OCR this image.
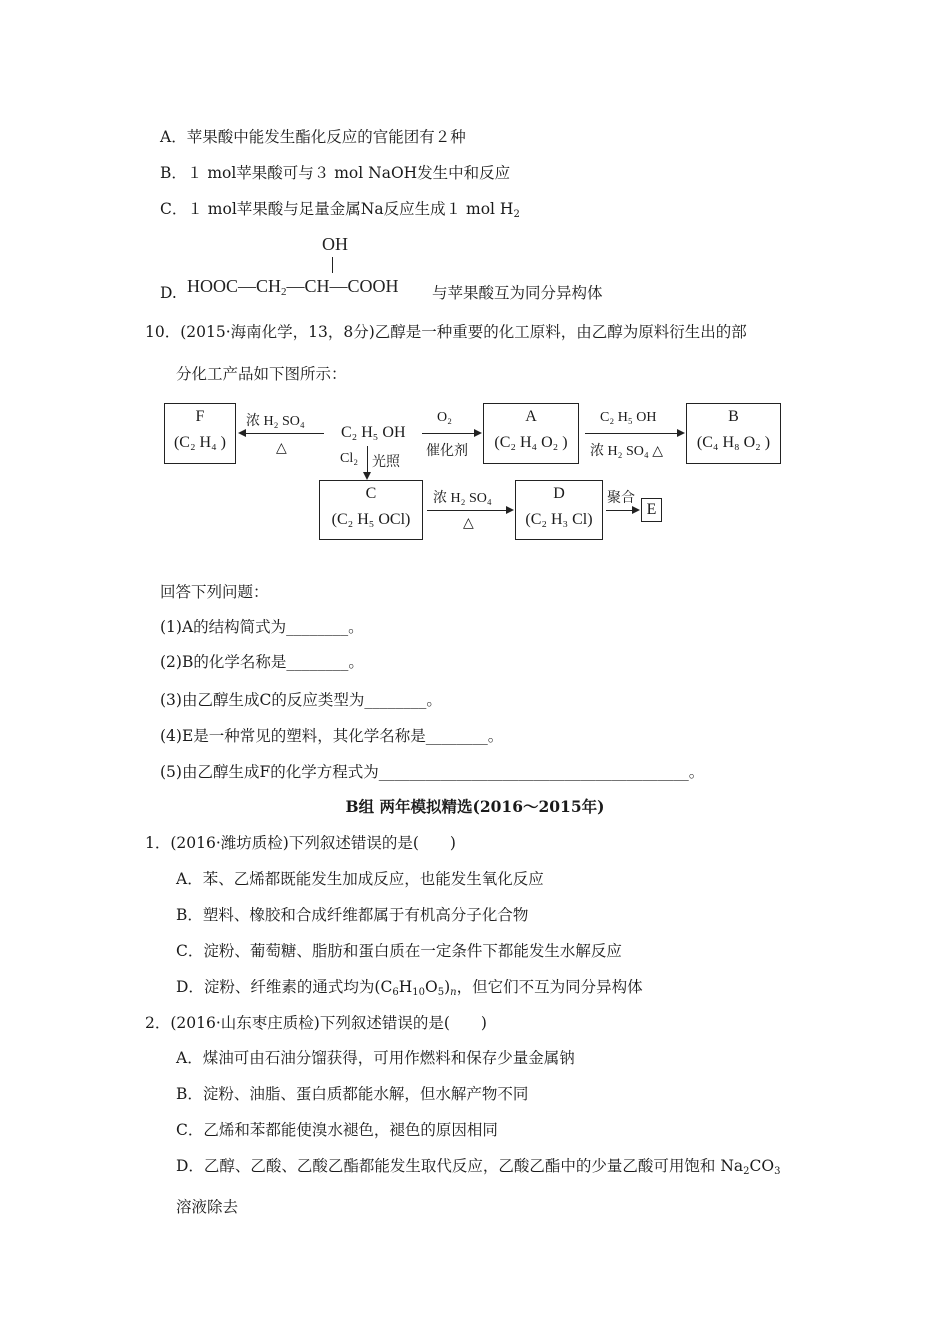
A．苹果酸中能发生酯化反应的官能团有２种
B．１ mol苹果酸可与３ mol NaOH发生中和反应
C．１ mol苹果酸与足量金属Na反应生成１ mol $H_2$
D.
OH
$HOOC—CH_2—CH—COOH$ 与苹果酸互为同分异构体
10．(2015·海南化学，13，8分)乙醇是一种重要的化工原料，由乙醇为原料衍生出的部
分化工产品如下图所示：
F
(C₂ H₄ )
浓 H₂ SO₄
△
C₂ H₅ OH
O₂
催化剂
A
(C₂ H₄ O₂ )
C₂ H₅ OH
浓 H₂ SO₄ △
B
(C₄ H₈ O₂ )
Cl₂ 光照
C
(C₂ H₅ OCl)
浓 H₂ SO₄
△
D
(C₂ H₃ Cl)
聚合
E
回答下列问题：
(1)A的结构简式为________。
(2)B的化学名称是________。
(3)由乙醇生成C的反应类型为________。
(4)E是一种常见的塑料，其化学名称是________。
(5)由乙醇生成F的化学方程式为________________________________________。
B组 两年模拟精选(2016～2015年)
1．(2016·潍坊质检)下列叙述错误的是(　　)
A．苯、乙烯都既能发生加成反应，也能发生氧化反应
B．塑料、橡胶和合成纤维都属于有机高分子化合物
C．淀粉、葡萄糖、脂肪和蛋白质在一定条件下都能发生水解反应
D．淀粉、纤维素的通式均为$(C_6H_{10}O_5)_n$，但它们不互为同分异构体
2．(2016·山东枣庄质检)下列叙述错误的是(　　)
A．煤油可由石油分馏获得，可用作燃料和保存少量金属钠
B．淀粉、油脂、蛋白质都能水解，但水解产物不同
C．乙烯和苯都能使溴水褪色，褪色的原因相同
D．乙醇、乙酸、乙酸乙酯都能发生取代反应，乙酸乙酯中的少量乙酸可用饱和 $Na_2CO_3$
溶液除去
